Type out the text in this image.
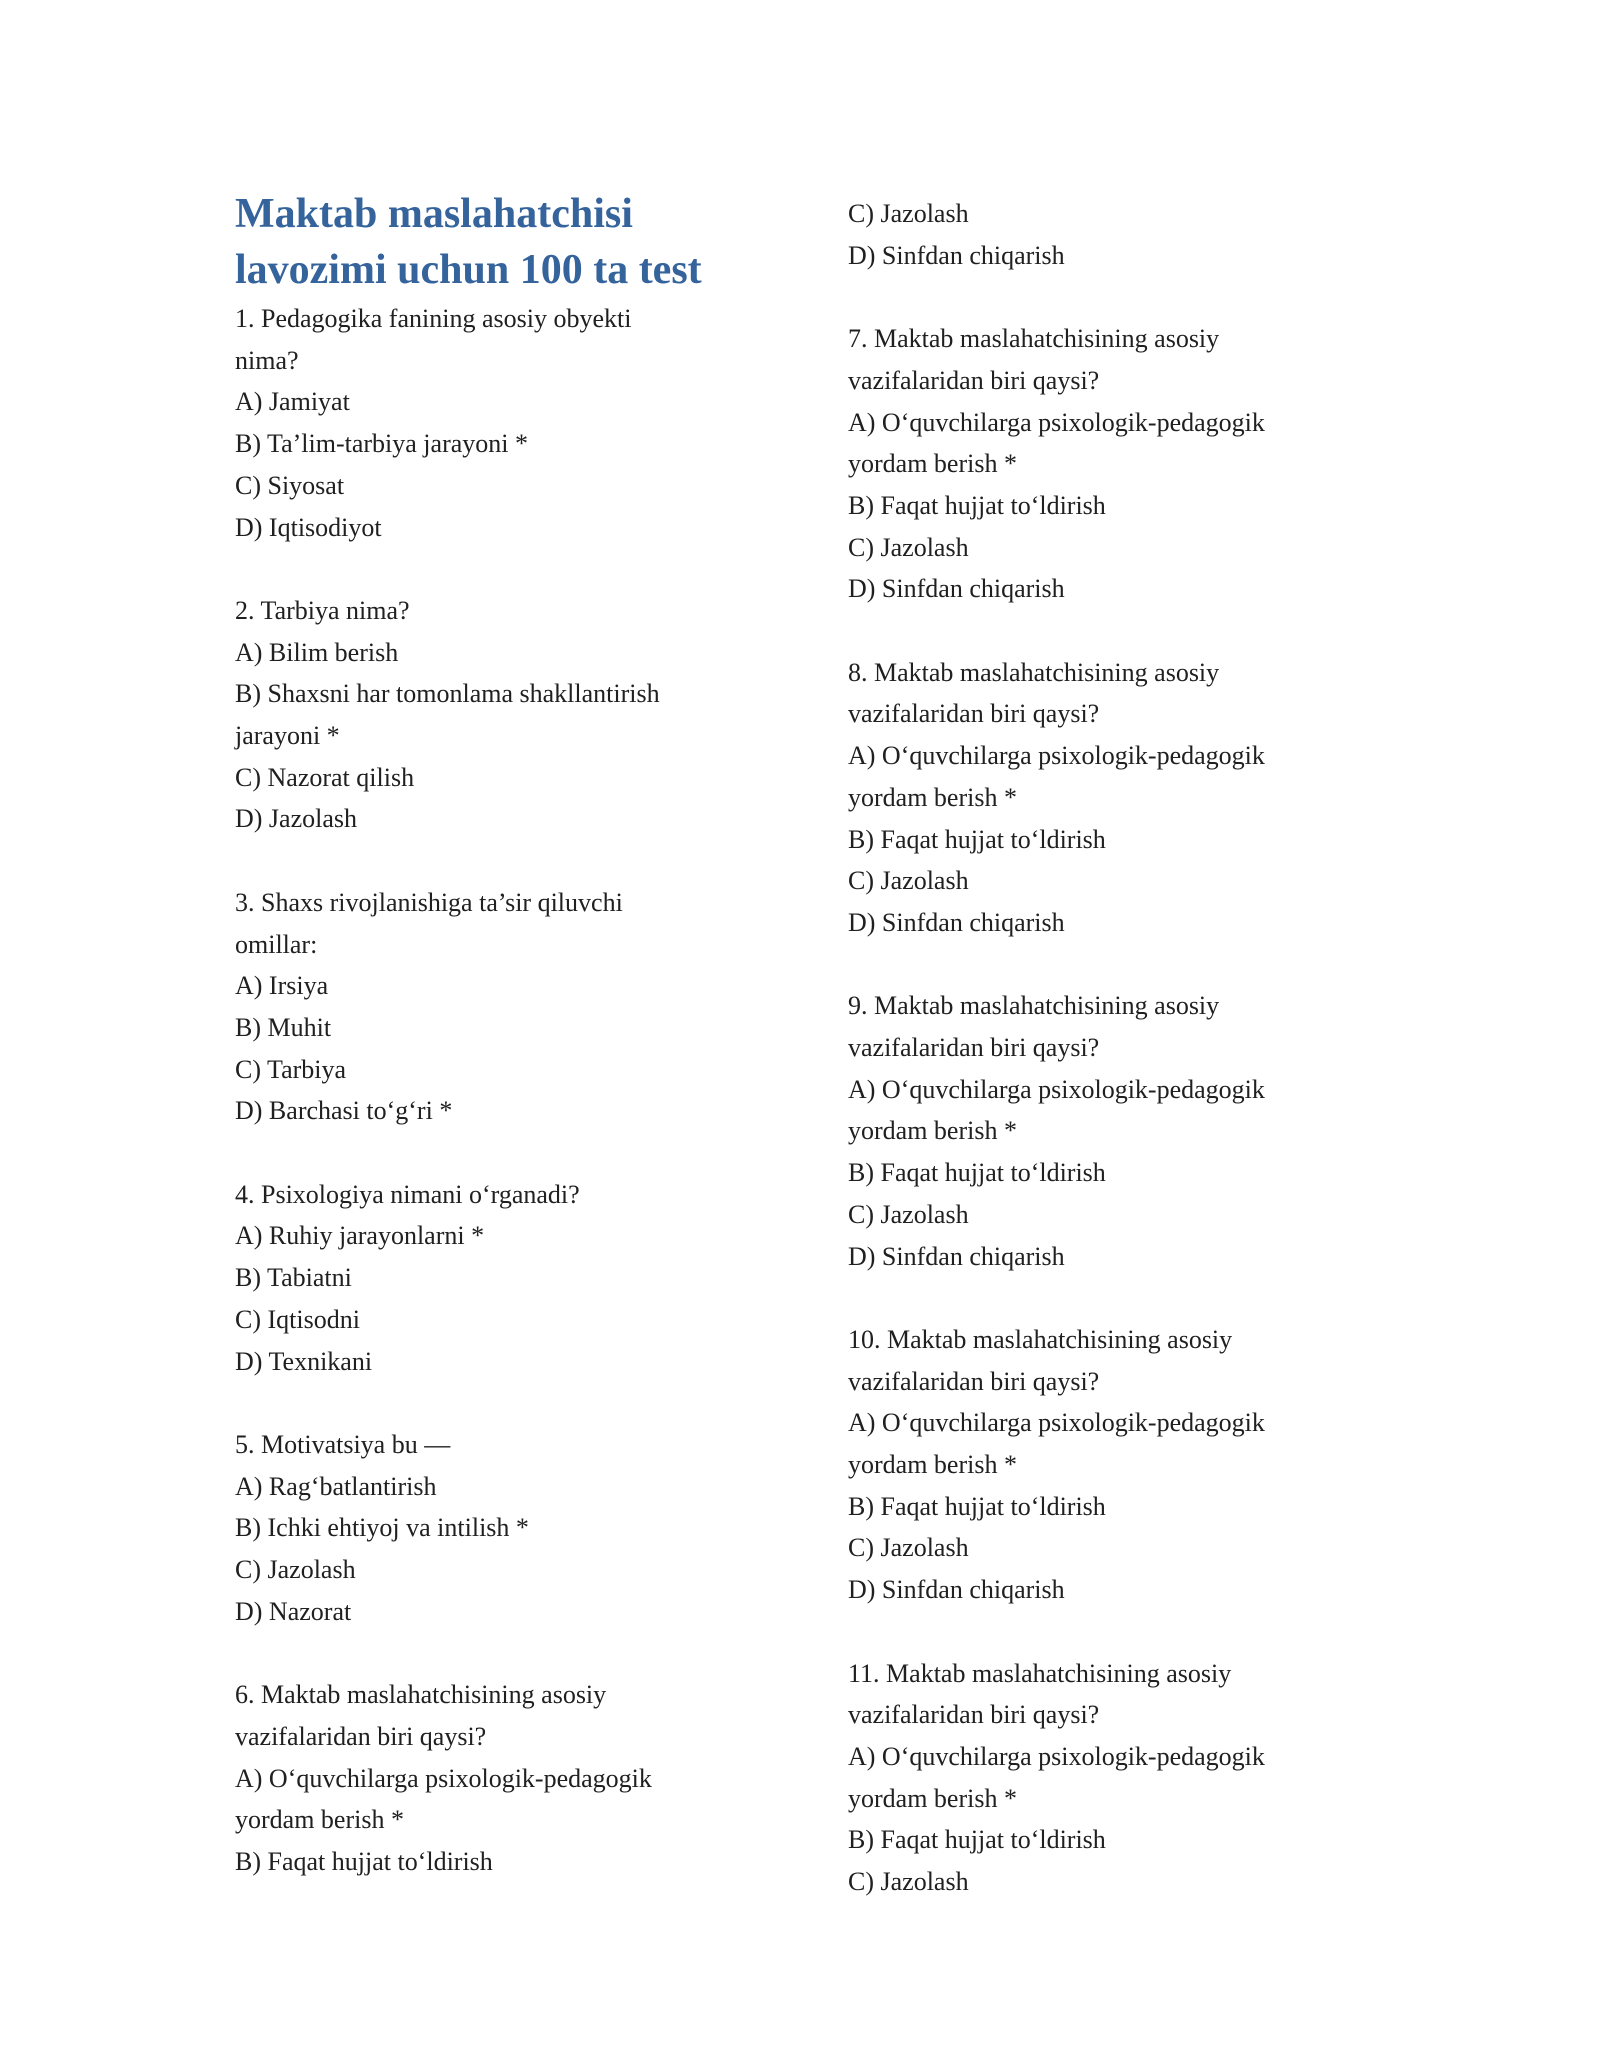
Maktab maslahatchisi
lavozimi uchun 100 ta test
1. Pedagogika fanining asosiy obyekti
nima?
A) Jamiyat
B) Ta’lim-tarbiya jarayoni *
C) Siyosat
D) Iqtisodiyot
2. Tarbiya nima?
A) Bilim berish
B) Shaxsni har tomonlama shakllantirish
jarayoni *
C) Nazorat qilish
D) Jazolash
3. Shaxs rivojlanishiga ta’sir qiluvchi
omillar:
A) Irsiya
B) Muhit
C) Tarbiya
D) Barchasi to‘g‘ri *
4. Psixologiya nimani o‘rganadi?
A) Ruhiy jarayonlarni *
B) Tabiatni
C) Iqtisodni
D) Texnikani
5. Motivatsiya bu —
A) Rag‘batlantirish
B) Ichki ehtiyoj va intilish *
C) Jazolash
D) Nazorat
6. Maktab maslahatchisining asosiy
vazifalaridan biri qaysi?
A) O‘quvchilarga psixologik-pedagogik
yordam berish *
B) Faqat hujjat to‘ldirish
C) Jazolash
D) Sinfdan chiqarish
7. Maktab maslahatchisining asosiy
vazifalaridan biri qaysi?
A) O‘quvchilarga psixologik-pedagogik
yordam berish *
B) Faqat hujjat to‘ldirish
C) Jazolash
D) Sinfdan chiqarish
8. Maktab maslahatchisining asosiy
vazifalaridan biri qaysi?
A) O‘quvchilarga psixologik-pedagogik
yordam berish *
B) Faqat hujjat to‘ldirish
C) Jazolash
D) Sinfdan chiqarish
9. Maktab maslahatchisining asosiy
vazifalaridan biri qaysi?
A) O‘quvchilarga psixologik-pedagogik
yordam berish *
B) Faqat hujjat to‘ldirish
C) Jazolash
D) Sinfdan chiqarish
10. Maktab maslahatchisining asosiy
vazifalaridan biri qaysi?
A) O‘quvchilarga psixologik-pedagogik
yordam berish *
B) Faqat hujjat to‘ldirish
C) Jazolash
D) Sinfdan chiqarish
11. Maktab maslahatchisining asosiy
vazifalaridan biri qaysi?
A) O‘quvchilarga psixologik-pedagogik
yordam berish *
B) Faqat hujjat to‘ldirish
C) Jazolash
